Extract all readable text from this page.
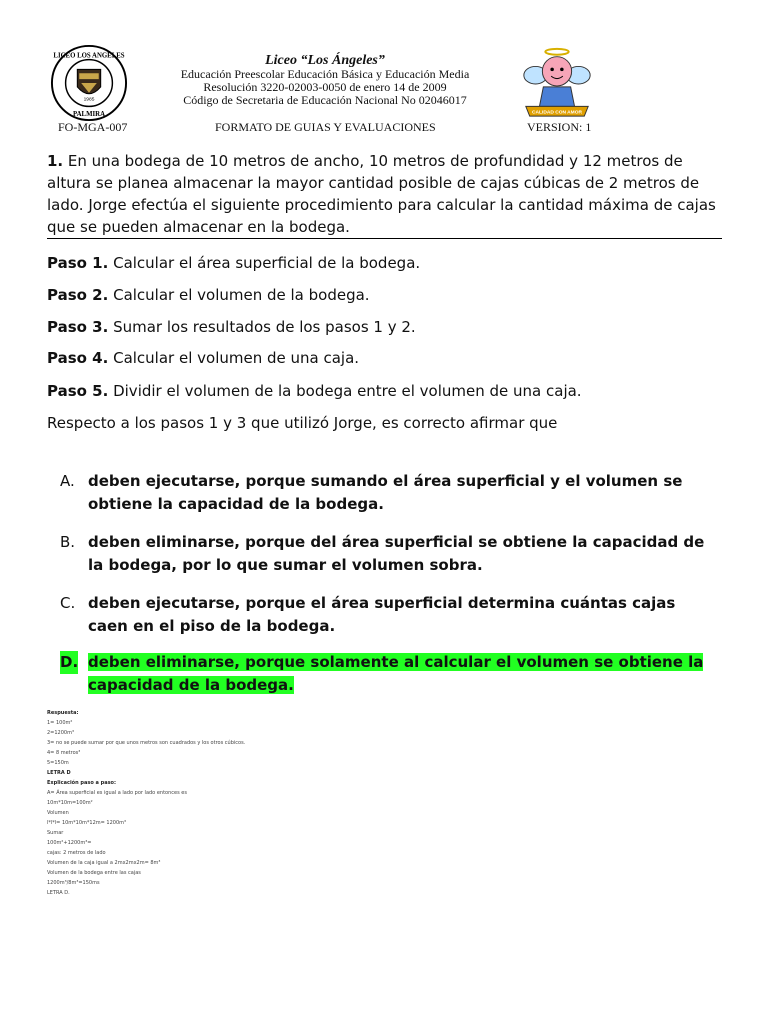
LICEO LOS ANGELES
PALMIRA
1985
Liceo “Los Ángeles”
Educación Preescolar Educación Básica y Educación Media
Resolución 3220-02003-0050 de enero 14 de 2009
Código de Secretaria de Educación Nacional No 02046017
CALIDAD CON AMOR
FO-MGA-007	FORMATO DE GUIAS Y EVALUACIONES	VERSION: 1
1. En una bodega de 10 metros de ancho, 10 metros de profundidad y 12 metros de altura se planea almacenar la mayor cantidad posible de cajas cúbicas de 2 metros de lado. Jorge efectúa el siguiente procedimiento para calcular la cantidad máxima de cajas que se pueden almacenar en la bodega.
Paso 1. Calcular el área superficial de la bodega.
Paso 2. Calcular el volumen de la bodega.
Paso 3. Sumar los resultados de los pasos 1 y 2.
Paso 4. Calcular el volumen de una caja.
Paso 5. Dividir el volumen de la bodega entre el volumen de una caja.
Respecto a los pasos 1 y 3 que utilizó Jorge, es correcto afirmar que
A. deben ejecutarse, porque sumando el área superficial y el volumen se obtiene la capacidad de la bodega.
B. deben eliminarse, porque del área superficial se obtiene la capacidad de la bodega, por lo que sumar el volumen sobra.
C. deben ejecutarse, porque el área superficial determina cuántas cajas caen en el piso de la bodega.
D. deben eliminarse, porque solamente al calcular el volumen se obtiene la capacidad de la bodega.
Respuesta:
1= 100m²
2=1200m³
3= no se puede sumar por que unos metros son cuadrados y los otros cúbicos.
4= 8 metros³
5=150m
LETRA D
Explicación paso a paso:
A= Área superficial es igual a lado por lado entonces es
10m*10m=100m²
Volumen
l*l*l= 10m*10m*12m= 1200m³
Sumar
100m²+1200m³=
cajas: 2 metros de lado
Volumen de la caja igual a 2mx2mx2m= 8m³
Volumen de la bodega entre las cajas
1200m³/8m³=150ms
LETRA D.
